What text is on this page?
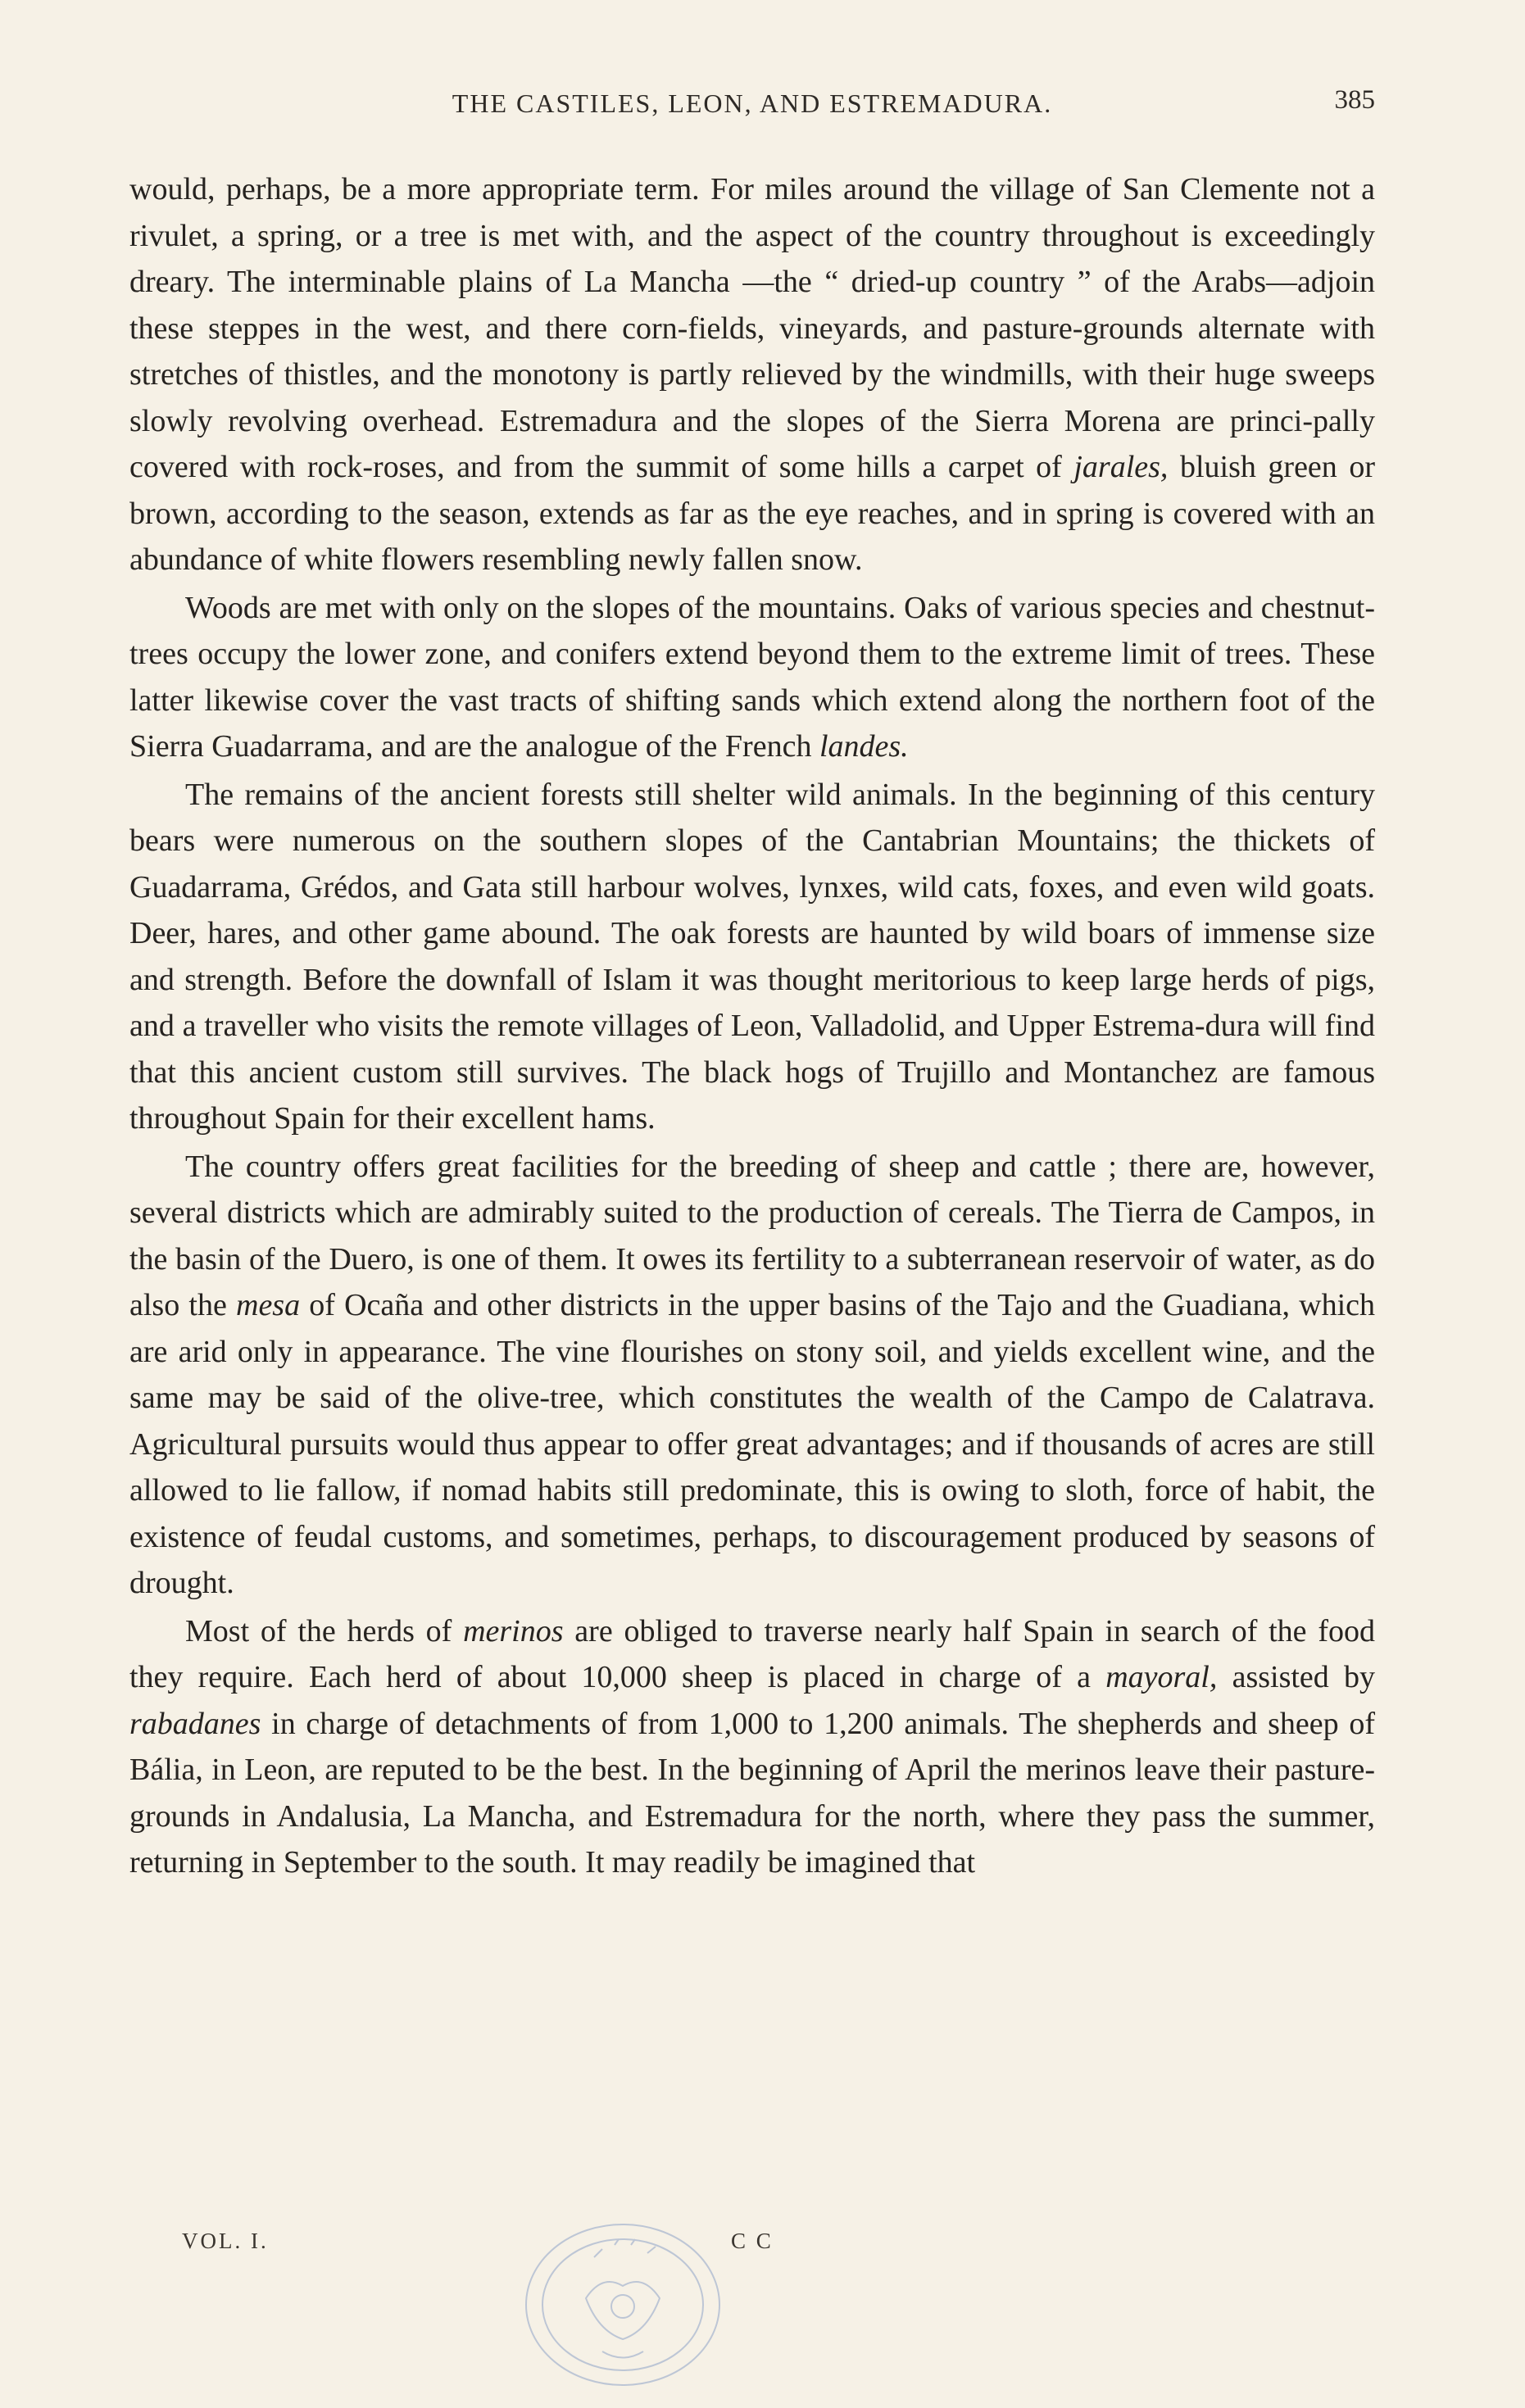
THE CASTILES, LEON, AND ESTREMADURA.	385

would, perhaps, be a more appropriate term. For miles around the village of San Clemente not a rivulet, a spring, or a tree is met with, and the aspect of the country throughout is exceedingly dreary. The interminable plains of La Mancha —the “ dried-up country ” of the Arabs—adjoin these steppes in the west, and there corn-fields, vineyards, and pasture-grounds alternate with stretches of thistles, and the monotony is partly relieved by the windmills, with their huge sweeps slowly revolving overhead. Estremadura and the slopes of the Sierra Morena are princi-pally covered with rock-roses, and from the summit of some hills a carpet of jarales, bluish green or brown, according to the season, extends as far as the eye reaches, and in spring is covered with an abundance of white flowers resembling newly fallen snow.

Woods are met with only on the slopes of the mountains. Oaks of various species and chestnut-trees occupy the lower zone, and conifers extend beyond them to the extreme limit of trees. These latter likewise cover the vast tracts of shifting sands which extend along the northern foot of the Sierra Guadarrama, and are the analogue of the French landes.

The remains of the ancient forests still shelter wild animals. In the beginning of this century bears were numerous on the southern slopes of the Cantabrian Mountains; the thickets of Guadarrama, Grédos, and Gata still harbour wolves, lynxes, wild cats, foxes, and even wild goats. Deer, hares, and other game abound. The oak forests are haunted by wild boars of immense size and strength. Before the downfall of Islam it was thought meritorious to keep large herds of pigs, and a traveller who visits the remote villages of Leon, Valladolid, and Upper Estrema-dura will find that this ancient custom still survives. The black hogs of Trujillo and Montanchez are famous throughout Spain for their excellent hams.

The country offers great facilities for the breeding of sheep and cattle ; there are, however, several districts which are admirably suited to the production of cereals. The Tierra de Campos, in the basin of the Duero, is one of them. It owes its fertility to a subterranean reservoir of water, as do also the mesa of Ocaña and other districts in the upper basins of the Tajo and the Guadiana, which are arid only in appearance. The vine flourishes on stony soil, and yields excellent wine, and the same may be said of the olive-tree, which constitutes the wealth of the Campo de Calatrava. Agricultural pursuits would thus appear to offer great advantages; and if thousands of acres are still allowed to lie fallow, if nomad habits still predominate, this is owing to sloth, force of habit, the existence of feudal customs, and sometimes, perhaps, to discouragement produced by seasons of drought.

Most of the herds of merinos are obliged to traverse nearly half Spain in search of the food they require. Each herd of about 10,000 sheep is placed in charge of a mayoral, assisted by rabadanes in charge of detachments of from 1,000 to 1,200 animals. The shepherds and sheep of Bália, in Leon, are reputed to be the best. In the beginning of April the merinos leave their pasture-grounds in Andalusia, La Mancha, and Estremadura for the north, where they pass the summer, returning in September to the south. It may readily be imagined that

VOL. I.	C C
